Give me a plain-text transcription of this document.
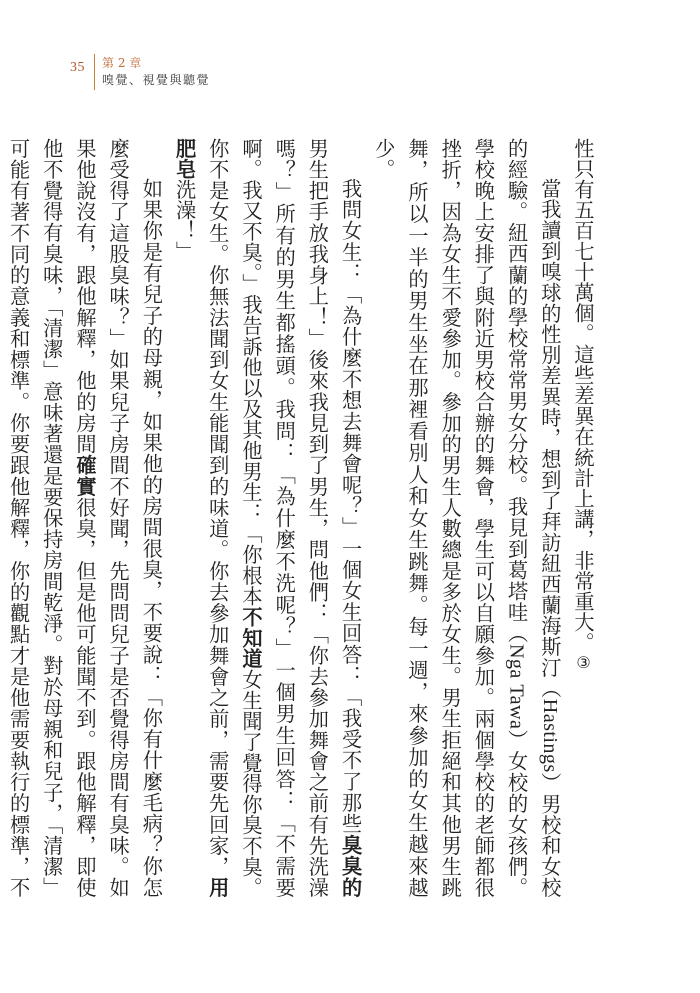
35 第 2 章
嗅覺、視覺與聽覺

性只有五百七十萬個。這些差異在統計上講，非常重大。③

當我讀到嗅球的性別差異時，想到了拜訪紐西蘭海斯汀（Hastings）男校和女校的經驗。紐西蘭的學校常常男女分校。我見到葛塔哇（Nga Tawa）女校的女孩們。學校晚上安排了與附近男校合辦的舞會，學生可以自願參加。兩個學校的老師都很挫折，因為女生不愛參加。參加的男生人數總是多於女生。男生拒絕和其他男生跳舞，所以一半的男生坐在那裡看別人和女生跳舞。每一週，來參加的女生越來越少。

我問女生：「為什麼不想去舞會呢？」一個女生回答：「我受不了那些臭臭的男生把手放我身上！」後來我見到了男生，問他們：「你去參加舞會之前有先洗澡嗎？」所有的男生都搖頭。我問：「為什麼不洗呢？」一個男生回答：「不需要啊。我又不臭。」我告訴他以及其他男生：「你根本不知道女生聞了覺得你臭不臭。你不是女生。你無法聞到女生能聞到的味道。你去參加舞會之前，需要先回家，用肥皂洗澡！」

如果你是有兒子的母親，如果他的房間很臭，不要說：「你有什麼毛病？你怎麼受得了這股臭味？」如果兒子房間不好聞，先問問兒子是否覺得房間有臭味。如果他說沒有，跟他解釋，他的房間確實很臭，但是他可能聞不到。跟他解釋，即使他不覺得有臭味，「清潔」意味著還是要保持房間乾淨。對於母親和兒子，「清潔」可能有著不同的意義和標準。你要跟他解釋，你的觀點才是他需要執行的標準，不
